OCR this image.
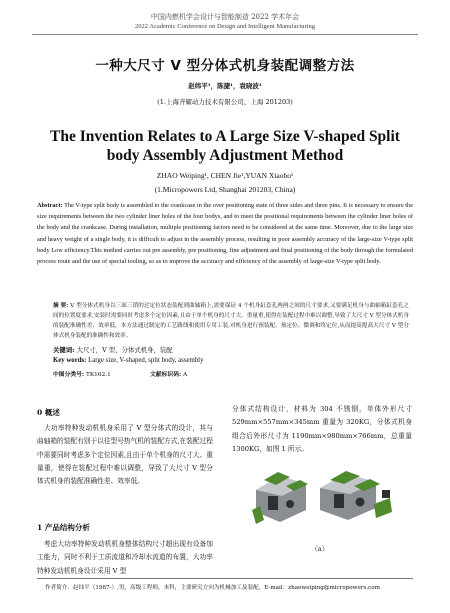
中国内燃机学会设计与智能制造 2022 学术年会
2022 Academic Conference on Design and Intelligent Manufacturing
一种大尺寸 V 型分体式机身装配调整方法
赵纬平¹，陈捷¹，袁晓波¹
(1.上海齐耀动力技术有限公司，上海 201203)
The Invention Relates to A Large Size V-shaped Split
body Assembly Adjustment Method
ZHAO Weiping¹, CHEN Jie¹,YUAN Xiaobo¹
(1.Micropowers Ltd, Shanghai 201203, China)
Abstract: The V-type split body is assembled to the crankcase in the over positioning state of three sides and three pins. It is necessary to ensure the size requirements between the two cylinder liner holes of the four bodys, and to meet the positional requirements between the cylinder liner holes of the body and the crankcase. During installation, multiple positioning factors need to be considered at the same time. Moreover, due to the large size and heavy weight of a single body, it is difficult to adjust in the assembly process, resulting in poor assembly accuracy of the large-size V-type split body Low efficiency.This method carries out pre assembly, pre positioning, fine adjustment and final positioning of the body through the formulated process route and the use of special tooling, so as to improve the accuracy and efficiency of the assembly of large-size V-type split body.
摘 要: V 型分体式机身以三面三销的过定位状态装配到曲轴箱上,需要保证 4 个机身缸套孔两两之间的尺寸要求,又要满足机身与曲轴箱缸套孔之间的位置度要求,安装时需要同时考虑多个定位因素,且由于单个机身的尺寸大、重量重,使得在装配过程中难以调整,导致了大尺寸 V 型分体式机身的装配准确性差、效率低。本方法通过制定的工艺路线和使用专用工装,对机身进行预装配、预定位、微调和终定位,从而提高提高大尺寸 V 型分体式机身装配的准确性和效率。
关键词: 大尺寸，V 型，分体式机身，装配
Key words: Large size, V-shaped, split body, assembly
中图分类号: TK162.1	文献标识码: A
0 概述
 大功率特种发动机机身采用了 V 型分体式的设计，其与曲轴箱的装配有别于以往型号热气机的装配方式,在装配过程中需要同时考虑多个定位因素,且由于单个机身的尺寸大、重量重，使得在装配过程中难以调整，导致了大尺寸 V 型分体式机身的装配准确性差、效率低。
1 产品结构分析
 考虑大功率特种发动机机身整体结构尺寸超出现有设备加工能力，同时不利于工质流道和冷却水流道的布置，大功率特种发动机机身设计采用 V 型
分体式结构设计，材料为 304 不锈钢，单体外形尺寸 529mm×557mm×345mm 重量为 320KG，分体式机身组合后外形尺寸为 1190mm×980mm×766mm，总重量 1300KG，如图 1 所示。
（a）
作者简介：赵纬平（1987-）,男，高级工程师，本科，主要研究方向为机械加工及装配，E-mail：zhaoweiping@micropowers.com
